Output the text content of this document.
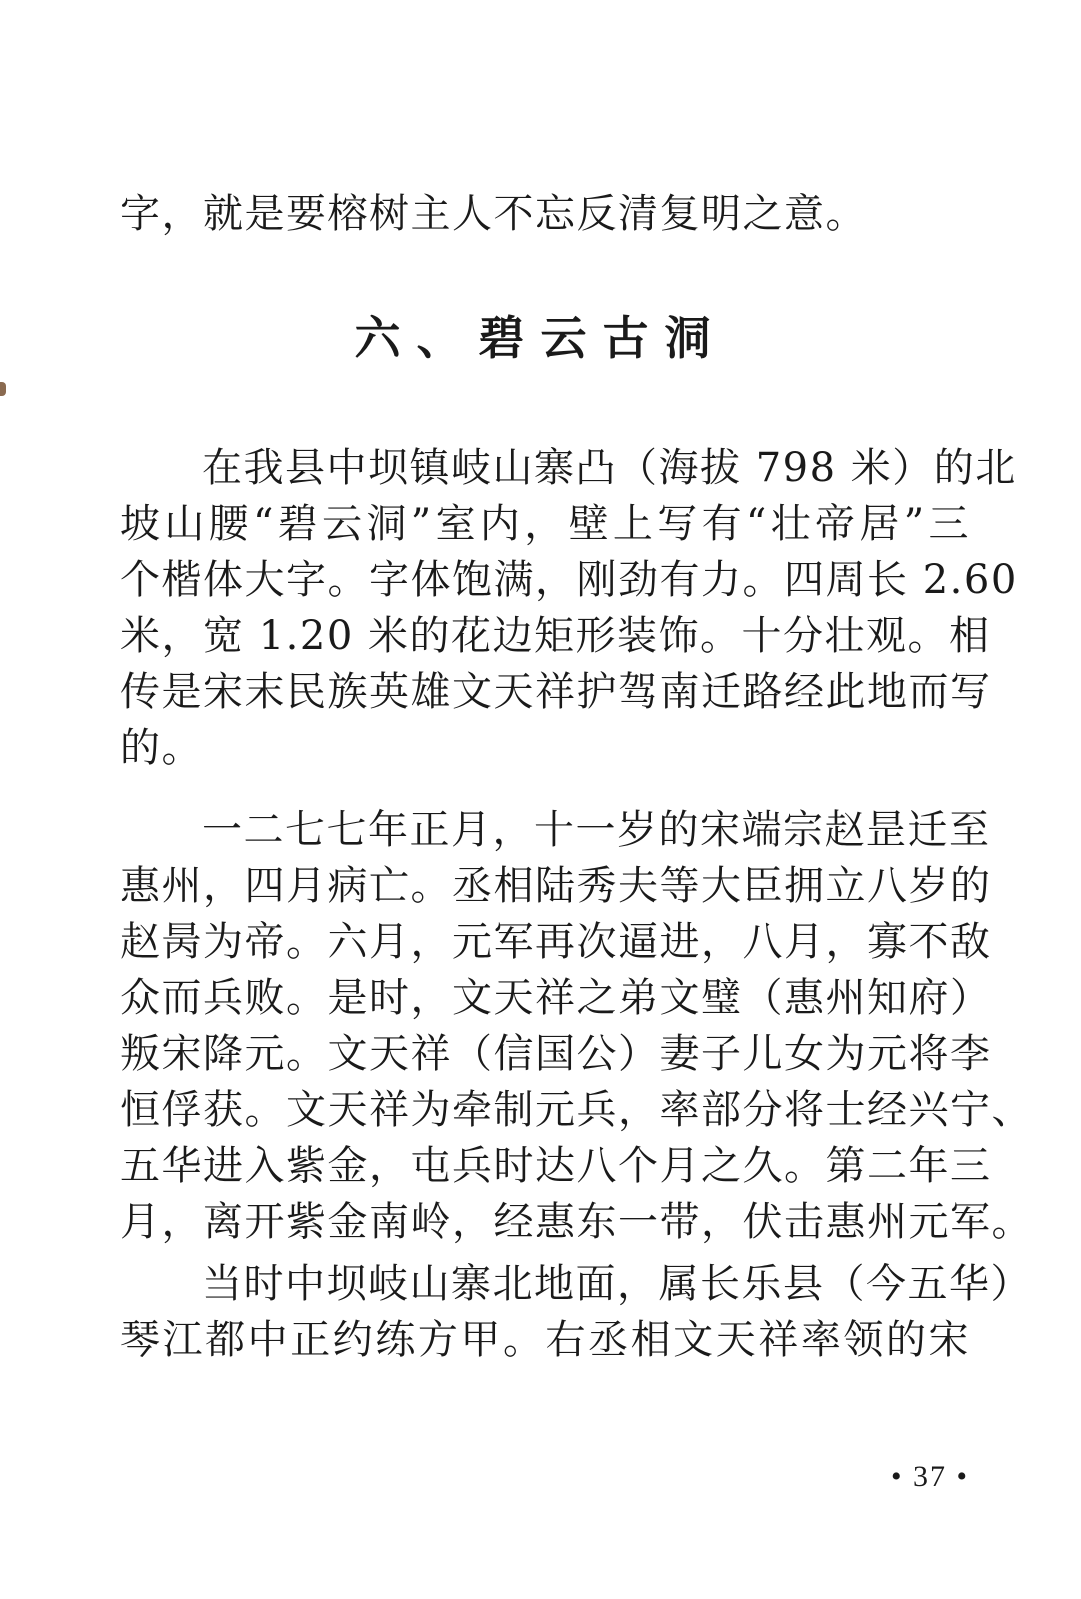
字，就是要榕树主人不忘反清复明之意。
六、碧云古洞
在我县中坝镇岐山寨凸（海拔 798 米）的北
坡山腰“碧云洞”室内，壁上写有“壮帝居”三
个楷体大字。字体饱满，刚劲有力。四周长 2.60
米，宽 1.20 米的花边矩形装饰。十分壮观。相
传是宋末民族英雄文天祥护驾南迁路经此地而写
的。
一二七七年正月，十一岁的宋端宗赵昰迁至
惠州，四月病亡。丞相陆秀夫等大臣拥立八岁的
赵昺为帝。六月，元军再次逼进，八月，寡不敌
众而兵败。是时，文天祥之弟文璧（惠州知府）
叛宋降元。文天祥（信国公）妻子儿女为元将李
恒俘获。文天祥为牵制元兵，率部分将士经兴宁、
五华进入紫金，屯兵时达八个月之久。第二年三
月，离开紫金南岭，经惠东一带，伏击惠州元军。
当时中坝岐山寨北地面，属长乐县（今五华）
琴江都中正约练方甲。右丞相文天祥率领的宋
• 37 •
